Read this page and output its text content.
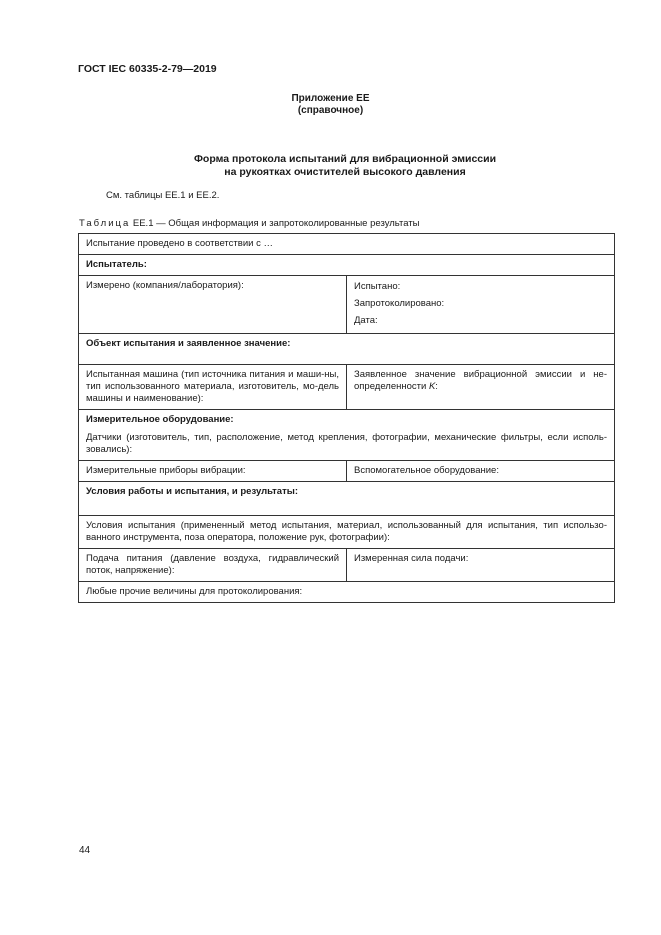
ГОСТ IEC 60335-2-79—2019
Приложение ЕЕ
(справочное)
Форма протокола испытаний для вибрационной эмиссии
на рукоятках очистителей высокого давления
См. таблицы ЕЕ.1 и ЕЕ.2.
Таблица ЕЕ.1 — Общая информация и запротоколированные результаты
Испытание проведено в соответствии с …	
Испытатель:	
Измерено (компания/лаборатория):	Испытано:
Запротоколировано:
Дата:

Объект испытания и заявленное значение:	
Испытанная машина (тип источника питания и маши-ны, тип использованного материала, изготовитель, мо-дель машины и наименование):	Заявленное значение вибрационной эмиссии и не-определенности K:

Измерительное оборудование:
Датчики (изготовитель, тип, расположение, метод крепления, фотографии, механические фильтры, если исполь-зовались):	

Измерительные приборы вибрации:	Вспомогательное оборудование:
Условия работы и испытания, и результаты:	
Условия испытания (примененный метод испытания, материал, использованный для испытания, тип использо-ванного инструмента, поза оператора, положение рук, фотографии):	
Подача питания (давление воздуха, гидравлический поток, напряжение):	Измеренная сила подачи:
Любые прочие величины для протоколирования:	
44
